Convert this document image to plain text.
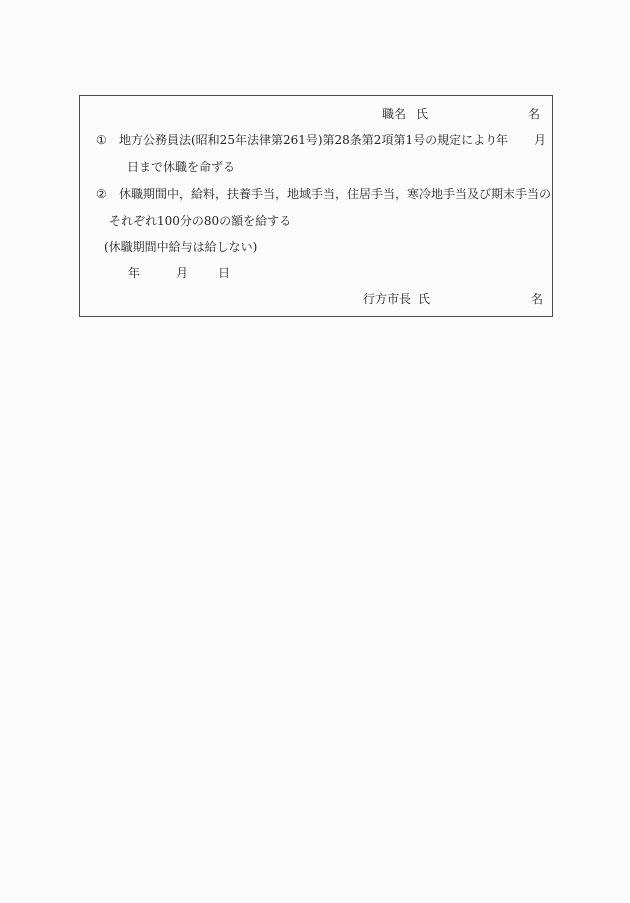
職名 氏	名
① 地方公務員法(昭和25年法律第261号)第28条第2項第1号の規定により
年 月
日まで休職を命ずる
② 休職期間中，給料，扶養手当，地域手当，住居手当，寒冷地手当及び期末手当の
それぞれ100分の80の額を給する
(休職期間中給与は給しない)
年	月 日
行方市長 氏	名
